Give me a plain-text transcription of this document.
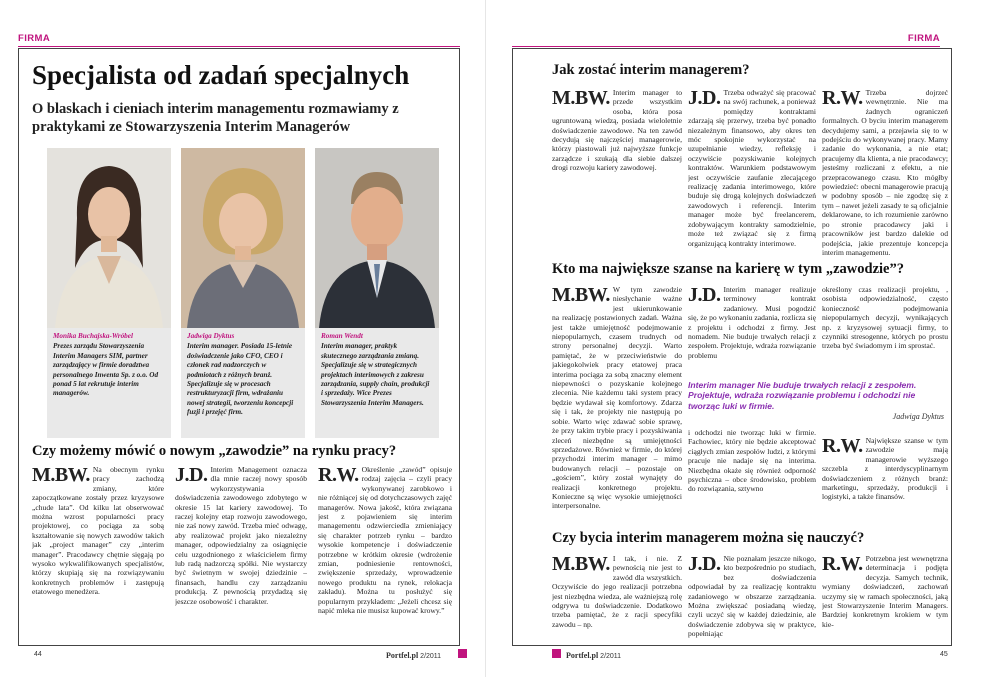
FIRMA
Specjalista od zadań specjalnych
O blaskach i cieniach interim managementu rozmawiamy z praktykami ze Stowarzyszenia Interim Managerów
Monika Buchajska-Wróbel
Prezes zarządu Stowarzyszenia Interim Managers SIM, partner zarządzający w firmie doradztwa personalnego Inwenta Sp. z o.o. Od ponad 5 lat rekrutuje interim managerów.
Jadwiga Dyktus
Interim manager. Posiada 15-letnie doświadczenie jako CFO, CEO i członek rad nadzorczych w podmiotach z różnych branż. Specjalizuje się w procesach restrukturyzacji firm, wdrażaniu nowej strategii, tworzeniu koncepcji fuzji i przejęć firm.
Roman Wendt
Interim manager, praktyk skutecznego zarządzania zmianą. Specjalizuje się w strategicznych projektach interimowych z zakresu zarządzania, supply chain, produkcji i sprzedaży. Wice Prezes Stowarzyszenia Interim Managers.
Czy możemy mówić o nowym „zawodzie” na rynku pracy?
M.BW. Na obecnym rynku pracy zachodzą zmiany, które zapoczątkowane zostały przez kryzysowe „chude lata”. Od kilku lat obserwować można wzrost popularności pracy projektowej, co pociąga za sobą kształtowanie się nowych zawodów takich jak „project manager” czy „interim manager”. Pracodawcy chętnie sięgają po wysoko wykwalifikowanych specjalistów, którzy skupiają się na rozwiązywaniu konkretnych problemów i zastępują etatowego menedżera.
J.D. Interim Management oznacza dla mnie raczej nowy sposób wykorzystywania doświadczenia zawodowego zdobytego w okresie 15 lat kariery zawodowej. To raczej kolejny etap rozwoju zawodowego, nie zaś nowy zawód. Trzeba mieć odwagę, aby realizować projekt jako niezależny manager, odpowiedzialny za osiągnięcie celu uzgodnionego z właścicielem firmy lub radą nadzorczą spółki. Nie wystarczy być świetnym w swojej dziedzinie – finansach, handlu czy zarządzaniu produkcją. Z pewnością przydadzą się jeszcze osobowość i charakter.
R.W. Określenie „zawód” opisuje rodzaj zajęcia – czyli pracy wykonywanej zarobkowo i nie różniącej się od dotychczasowych zajęć managerów. Nowa jakość, która związana jest z pojawieniem się interim managementu odzwierciedla zmieniający się charakter potrzeb rynku – bardzo wysokie kompetencje i doświadczenie potrzebne w krótkim okresie (wdrożenie zmian, podniesienie rentowności, zwiększenie sprzedaży, wprowadzenie nowego produktu na rynek, relokacja zakładu). Można tu posłużyć się popularnym przykładem: „Jeżeli chcesz się napić mleka nie musisz kupować krowy.”
44	Portfel.pl 2/2011
FIRMA
Jak zostać interim managerem?
M.BW. Interim manager to przede wszystkim osoba, która posa ugruntowaną wiedzą, posiada wieloletnie doświadczenie zawodowe. Na ten zawód decydują się najczęściej managerowie, którzy piastowali już najwyższe funkcje zarządcze i szukają dla siebie dalszej drogi rozwoju kariery zawodowej.
J.D. Trzeba odważyć się pracować na swój rachunek, a ponieważ pomiędzy kontraktami zdarzają się przerwy, trzeba być ponadto niezależnym finansowo, aby okres ten móc spokojnie wykorzystać na uzupełnianie wiedzy, refleksję i oczywiście pozyskiwanie kolejnych kontraktów. Warunkiem podstawowym jest oczywiście zaufanie zlecającego realizację zadania interimowego, które buduje się drogą kolejnych doświadczeń zawodowych i referencji. Interim manager może być freelancerem, zdobywającym kontrakty samodzielnie, może też związać się z firmą organizującą kontrakty interimowe.
R.W. Trzeba dojrzeć wewnętrznie. Nie ma żadnych ograniczeń formalnych. O byciu interim managerem decydujemy sami, a przejawia się to w podejściu do wykonywanej pracy. Mamy zadanie do wykonania, a nie etat; pracujemy dla klienta, a nie pracodawcy; jesteśmy rozliczani z efektu, a nie przepracowanego czasu. Kto mógłby powiedzieć: obecni managerowie pracują w podobny sposób – nie zgodzę się z tym – nawet jeżeli zasady te są oficjalnie deklarowane, to ich rozumienie zarówno po stronie pracodawcy jaki i pracowników jest bardzo dalekie od podejścia, jakie prezentuje koncepcja interim managementu.
Kto ma największe szanse na karierę w tym „zawodzie”?
M.BW. W tym zawodzie niesłychanie ważne jest ukierunkowanie na realizację postawionych zadań. Ważna jest także umiejętność podejmowanie niepopularnych, czasem trudnych od strony personalnej decyzji. Warto pamiętać, że w przeciwieństwie do jakiegokolwiek pracy etatowej praca interima pociąga za sobą znaczny element niepewności o pozyskanie kolejnego zlecenia. Nie każdemu taki system pracy będzie wydawał się komfortowy. Zdarza się i tak, że projekty nie następują po sobie. Warto więc zdawać sobie sprawę, że przy takim trybie pracy i pozyskiwania zleceń niezbędne są umiejętności sprzedażowe. Również w firmie, do której przychodzi interim manager – mimo budowanych relacji – pozostaje on „gościem”, który został wynajęty do realizacji konkretnego projektu. Konieczne są więc wysokie umiejętności interpersonalne.
J.D. Interim manager realizuje terminowy kontrakt zadaniowy. Musi pogodzić się, że po wykonaniu zadania, rozlicza się z projektu i odchodzi z firmy. Jest nomadem. Nie buduje trwałych relacji z zespołem. Projektuje, wdraża rozwiązanie problemu
określony czas realizacji projektu, , osobista odpowiedzialność, często konieczność podejmowania niepopularnych decyzji, wynikających np. z kryzysowej sytuacji firmy, to czynniki stresogenne, których po prostu trzeba być świadomym i im sprostać.
Interim manager Nie buduje trwałych relacji z zespołem. Projektuje, wdraża rozwiązanie problemu i odchodzi nie tworząc luki w firmie.
Jadwiga Dyktus
i odchodzi nie tworząc luki w firmie. Fachowiec, który nie będzie akceptować ciągłych zmian zespołów ludzi, z którymi pracuje nie nadaje się na interima. Niezbędna okaże się również odporność psychiczna – obce środowisko, problem do rozwiązania, sztywno
R.W. Największe szanse w tym zawodzie mają managerowie wyższego szczebla z interdyscyplinarnym doświadczeniem z różnych branż: marketingu, sprzedaży, produkcji i logistyki, a także finansów.
Czy bycia interim managerem można się nauczyć?
M.BW. I tak, i nie. Z pewnością nie jest to zawód dla wszystkich. Oczywiście do jego realizacji potrzebna jest niezbędna wiedza, ale ważniejszą rolę odgrywa tu doświadczenie. Dodatkowo trzeba pamiętać, że z racji specyfiki zawodu – np.
J.D. Nie poznałam jeszcze nikogo, kto bezpośrednio po studiach, bez doświadczenia odpowiadał by za realizację kontraktu zadaniowego w obszarze zarządzania. Można zwiększać posiadaną wiedzę, czyli uczyć się w każdej dziedzinie, ale doświadczenie zdobywa się w praktyce, popełniając
R.W. Potrzebna jest wewnętrzna determinacja i podjęta decyzja. Samych technik, wymiany doświadczeń, zachowań uczymy się w ramach społeczności, jaką jest Stowarzyszenie Interim Managers. Bardziej konkretnym krokiem w tym kie-
Portfel.pl 2/2011	45
